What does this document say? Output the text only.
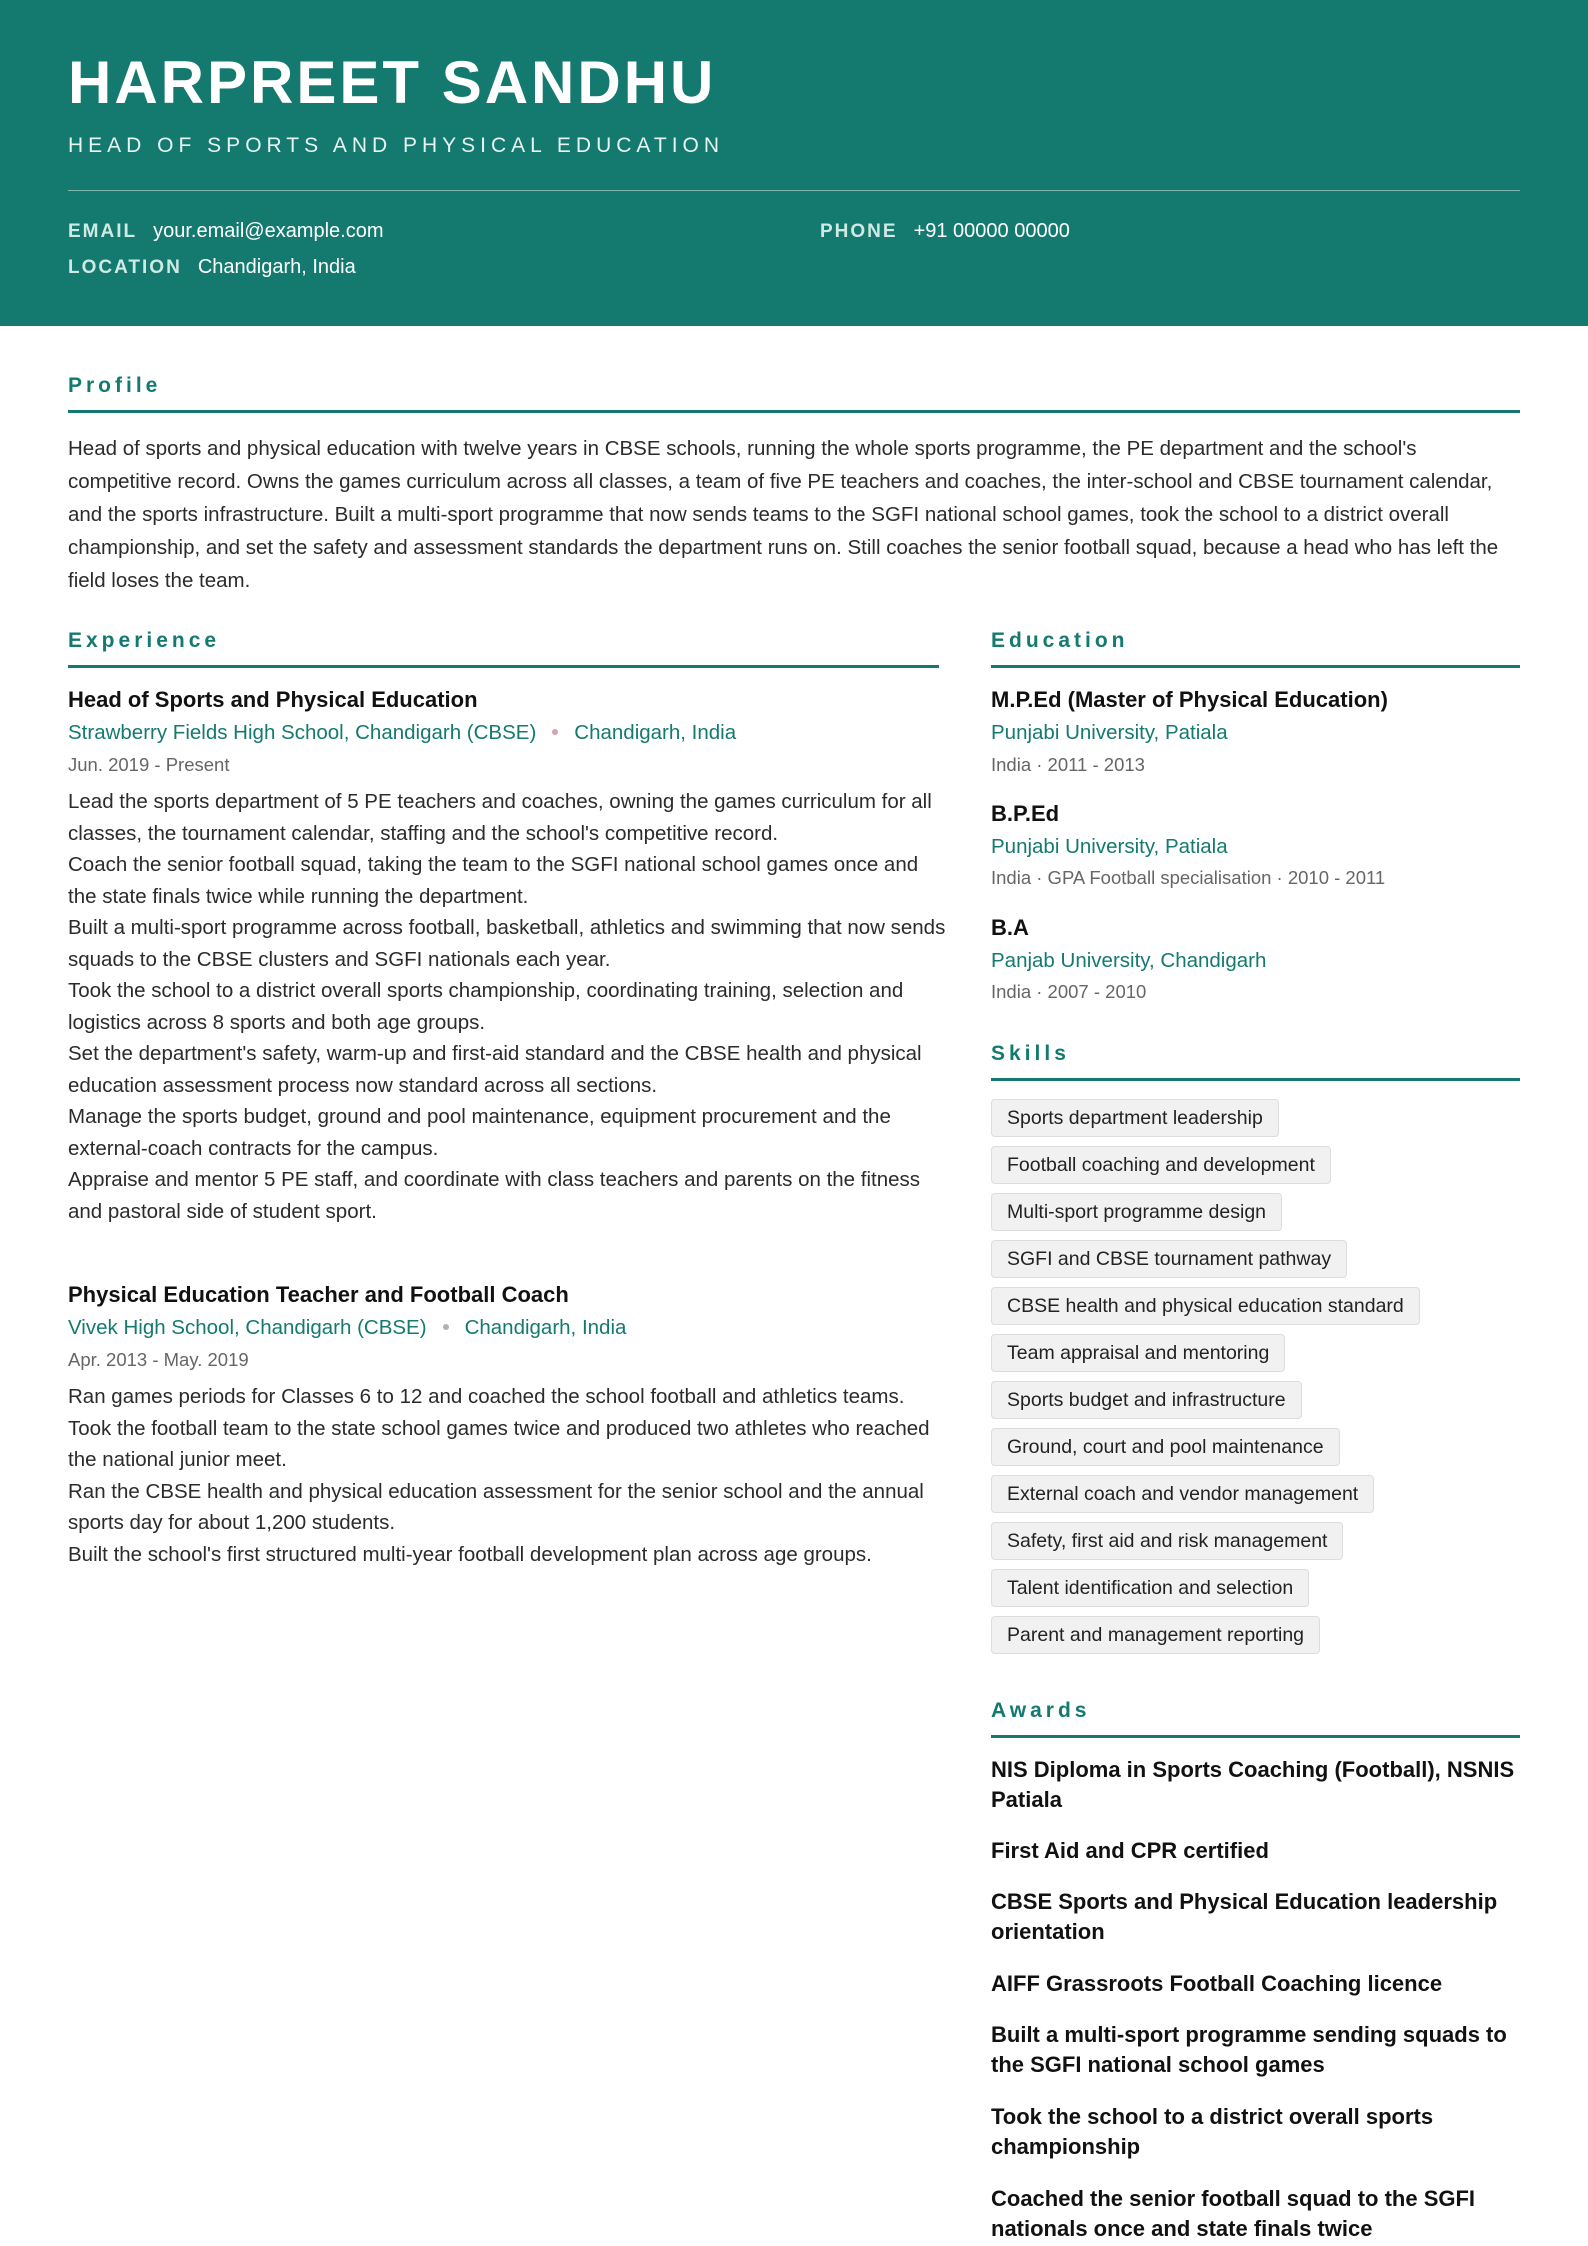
HARPREET SANDHU
HEAD OF SPORTS AND PHYSICAL EDUCATION
EMAIL your.email@example.com	PHONE +91 00000 00000
LOCATION Chandigarh, India
Profile
Head of sports and physical education with twelve years in CBSE schools, running the whole sports programme, the PE department and the school's competitive record. Owns the games curriculum across all classes, a team of five PE teachers and coaches, the inter-school and CBSE tournament calendar, and the sports infrastructure. Built a multi-sport programme that now sends teams to the SGFI national school games, took the school to a district overall championship, and set the safety and assessment standards the department runs on. Still coaches the senior football squad, because a head who has left the field loses the team.
Experience
Head of Sports and Physical Education
Strawberry Fields High School, Chandigarh (CBSE) Chandigarh, India
Jun. 2019 - Present
Lead the sports department of 5 PE teachers and coaches, owning the games curriculum for all classes, the tournament calendar, staffing and the school's competitive record.
Coach the senior football squad, taking the team to the SGFI national school games once and the state finals twice while running the department.
Built a multi-sport programme across football, basketball, athletics and swimming that now sends squads to the CBSE clusters and SGFI nationals each year.
Took the school to a district overall sports championship, coordinating training, selection and logistics across 8 sports and both age groups.
Set the department's safety, warm-up and first-aid standard and the CBSE health and physical education assessment process now standard across all sections.
Manage the sports budget, ground and pool maintenance, equipment procurement and the external-coach contracts for the campus.
Appraise and mentor 5 PE staff, and coordinate with class teachers and parents on the fitness and pastoral side of student sport.
Physical Education Teacher and Football Coach
Vivek High School, Chandigarh (CBSE) Chandigarh, India
Apr. 2013 - May. 2019
Ran games periods for Classes 6 to 12 and coached the school football and athletics teams.
Took the football team to the state school games twice and produced two athletes who reached the national junior meet.
Ran the CBSE health and physical education assessment for the senior school and the annual sports day for about 1,200 students.
Built the school's first structured multi-year football development plan across age groups.
Education
M.P.Ed (Master of Physical Education)
Punjabi University, Patiala
India · 2011 - 2013
B.P.Ed
Punjabi University, Patiala
India · GPA Football specialisation · 2010 - 2011
B.A
Panjab University, Chandigarh
India · 2007 - 2010
Skills
Sports department leadership
Football coaching and development
Multi-sport programme design
SGFI and CBSE tournament pathway
CBSE health and physical education standard
Team appraisal and mentoring
Sports budget and infrastructure
Ground, court and pool maintenance
External coach and vendor management
Safety, first aid and risk management
Talent identification and selection
Parent and management reporting
Awards
NIS Diploma in Sports Coaching (Football), NSNIS Patiala
First Aid and CPR certified
CBSE Sports and Physical Education leadership orientation
AIFF Grassroots Football Coaching licence
Built a multi-sport programme sending squads to the SGFI national school games
Took the school to a district overall sports championship
Coached the senior football squad to the SGFI nationals once and state finals twice
